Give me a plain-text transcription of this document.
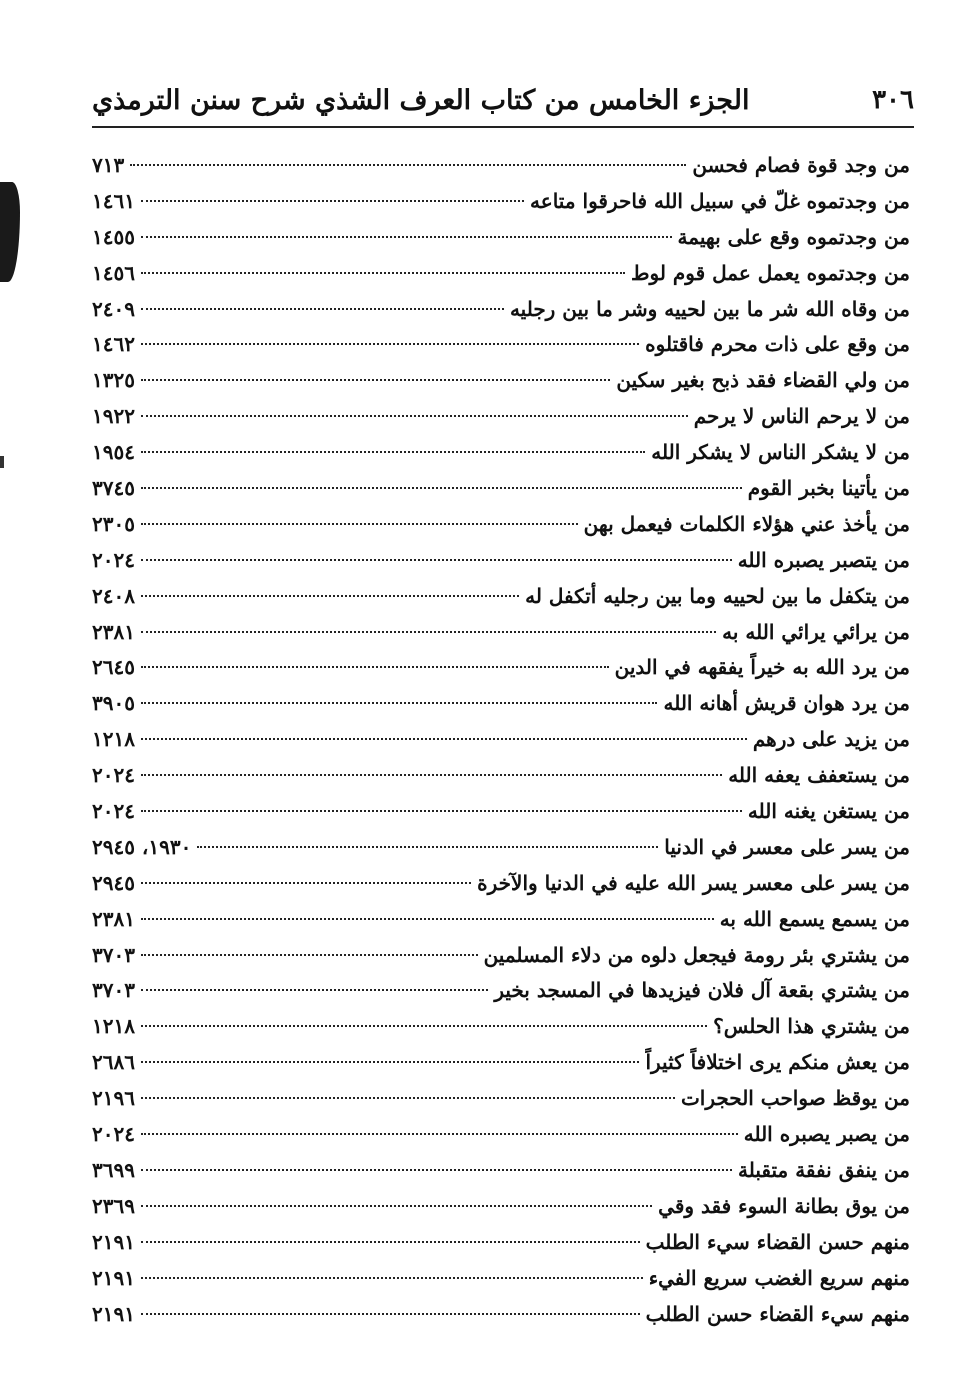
٣٠٦
الجزء الخامس من كتاب العرف الشذي شرح سنن الترمذي
من وجد قوة فصام فحسن
٧١٣
من وجدتموه غلّ في سبيل الله فاحرقوا متاعه
١٤٦١
من وجدتموه وقع على بهيمة
١٤٥٥
من وجدتموه يعمل عمل قوم لوط
١٤٥٦
من وقاه الله شر ما بين لحييه وشر ما بين رجليه
٢٤٠٩
من وقع على ذات محرم فاقتلوه
١٤٦٢
من ولي القضاء فقد ذبح بغير سكين
١٣٢٥
من لا يرحم الناس لا يرحم
١٩٢٢
من لا يشكر الناس لا يشكر الله
١٩٥٤
من يأتينا بخبر القوم
٣٧٤٥
من يأخذ عني هؤلاء الكلمات فيعمل بهن
٢٣٠٥
من يتصبر يصبره الله
٢٠٢٤
من يتكفل ما بين لحييه وما بين رجليه أتكفل له
٢٤٠٨
من يرائي يرائي الله به
٢٣٨١
من يرد الله به خيراً يفقهه في الدين
٢٦٤٥
من يرد هوان قريش أهانه الله
٣٩٠٥
من يزيد على درهم
١٢١٨
من يستعفف يعفه الله
٢٠٢٤
من يستغن يغنه الله
٢٠٢٤
من يسر على معسر في الدنيا
١٩٣٠، ٢٩٤٥
من يسر على معسر يسر الله عليه في الدنيا والآخرة
٢٩٤٥
من يسمع يسمع الله به
٢٣٨١
من يشتري بئر رومة فيجعل دلوه من دلاء المسلمين
٣٧٠٣
من يشتري بقعة آل فلان فيزيدها في المسجد بخير
٣٧٠٣
من يشتري هذا الحلس؟
١٢١٨
من يعش منكم يرى اختلافاً كثيراً
٢٦٨٦
من يوقظ صواحب الحجرات
٢١٩٦
من يصبر يصبره الله
٢٠٢٤
من ينفق نفقة متقبلة
٣٦٩٩
من يوق بطانة السوء فقد وقي
٢٣٦٩
منهم حسن القضاء سيء الطلب
٢١٩١
منهم سريع الغضب سريع الفيء
٢١٩١
منهم سيء القضاء حسن الطلب
٢١٩١
